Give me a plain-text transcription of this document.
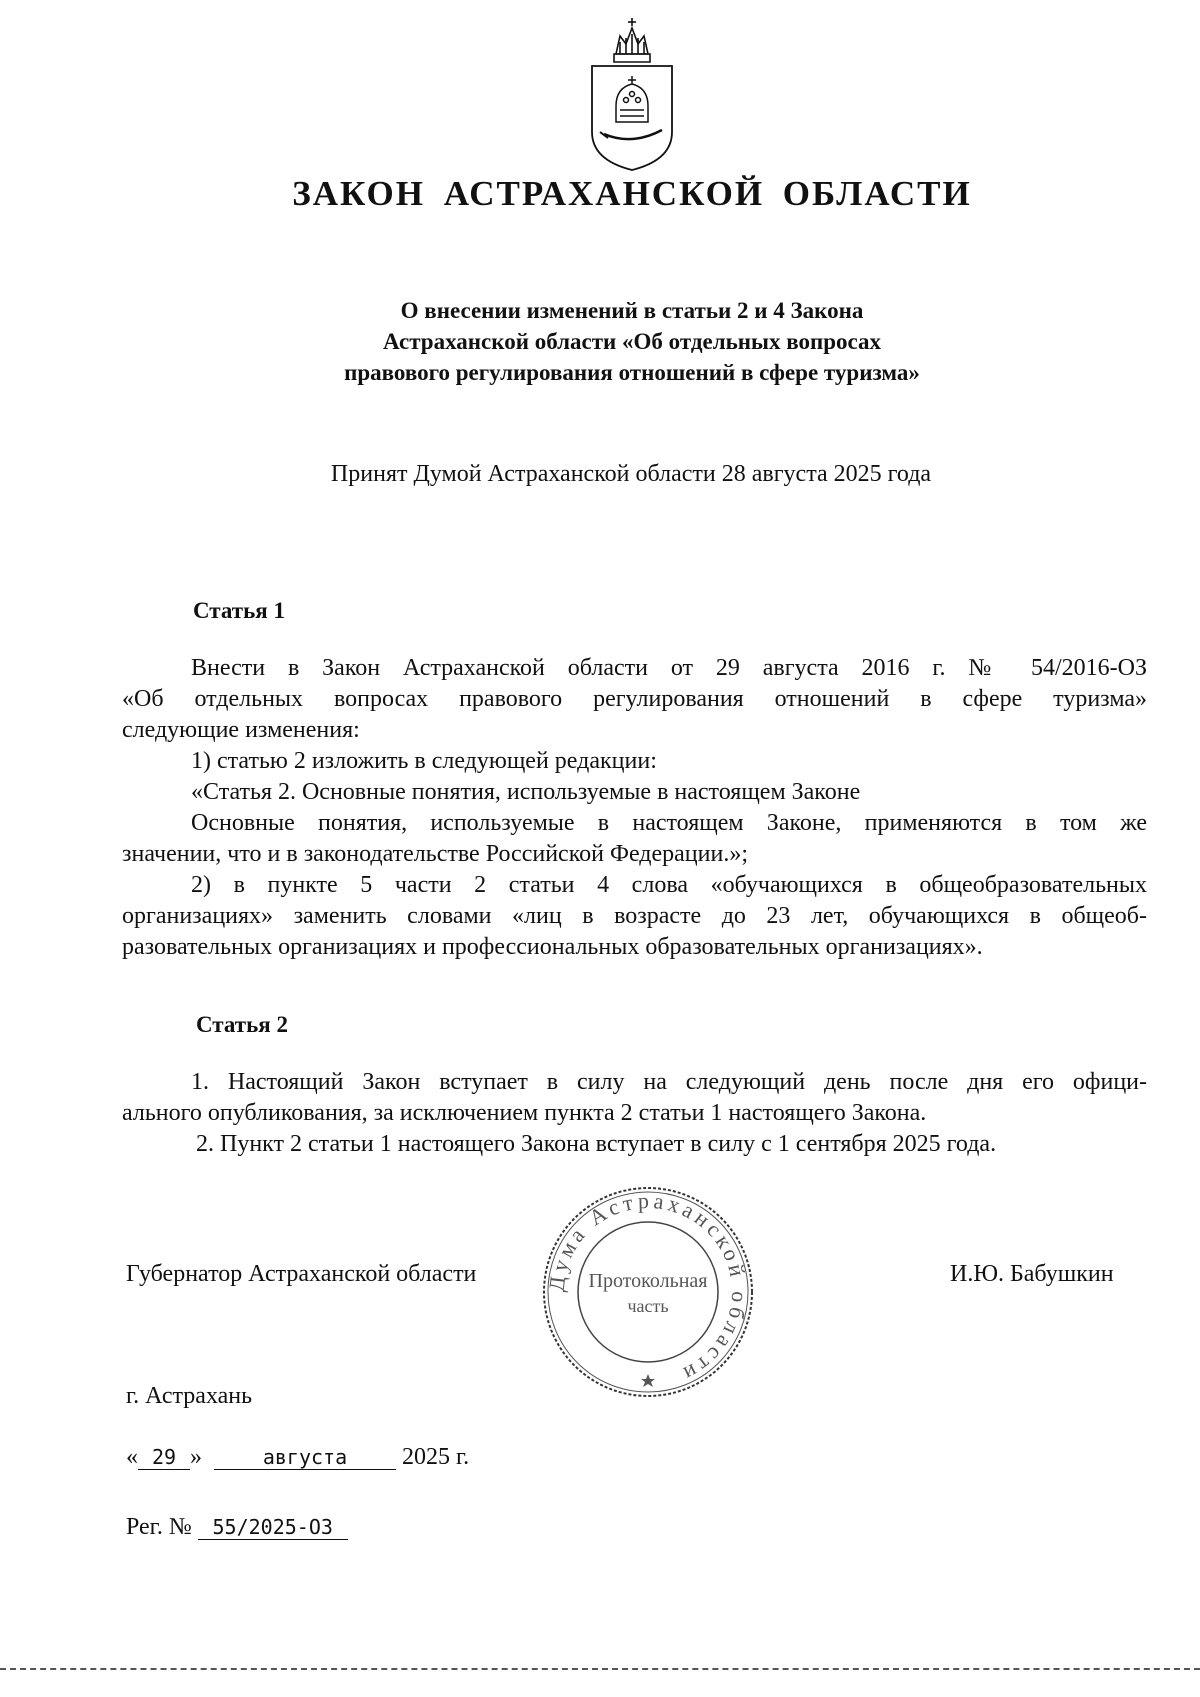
ЗАКОН АСТРАХАНСКОЙ ОБЛАСТИ
О внесении изменений в статьи 2 и 4 Закона
Астраханской области «Об отдельных вопросах
правового регулирования отношений в сфере туризма»
Принят Думой Астраханской области 28 августа 2025 года
Статья 1
Внести в Закон Астраханской области от 29 августа 2016 г. № 54/2016-ОЗ
«Об отдельных вопросах правового регулирования отношений в сфере туризма»
следующие изменения:
1) статью 2 изложить в следующей редакции:
«Статья 2. Основные понятия, используемые в настоящем Законе
Основные понятия, используемые в настоящем Законе, применяются в том же
значении, что и в законодательстве Российской Федерации.»;
2) в пункте 5 части 2 статьи 4 слова «обучающихся в общеобразовательных
организациях» заменить словами «лиц в возрасте до 23 лет, обучающихся в общеоб-
разовательных организациях и профессиональных образовательных организациях».
Статья 2
1. Настоящий Закон вступает в силу на следующий день после дня его офици-
ального опубликования, за исключением пункта 2 статьи 1 настоящего Закона.
2. Пункт 2 статьи 1 настоящего Закона вступает в силу с 1 сентября 2025 года.
Дума Астраханской области
Протокольная
часть
Губернатор Астраханской области	И.Ю. Бабушкин
г. Астрахань
« 29 »	августа 2025 г.
Рег. № 55/2025-ОЗ
